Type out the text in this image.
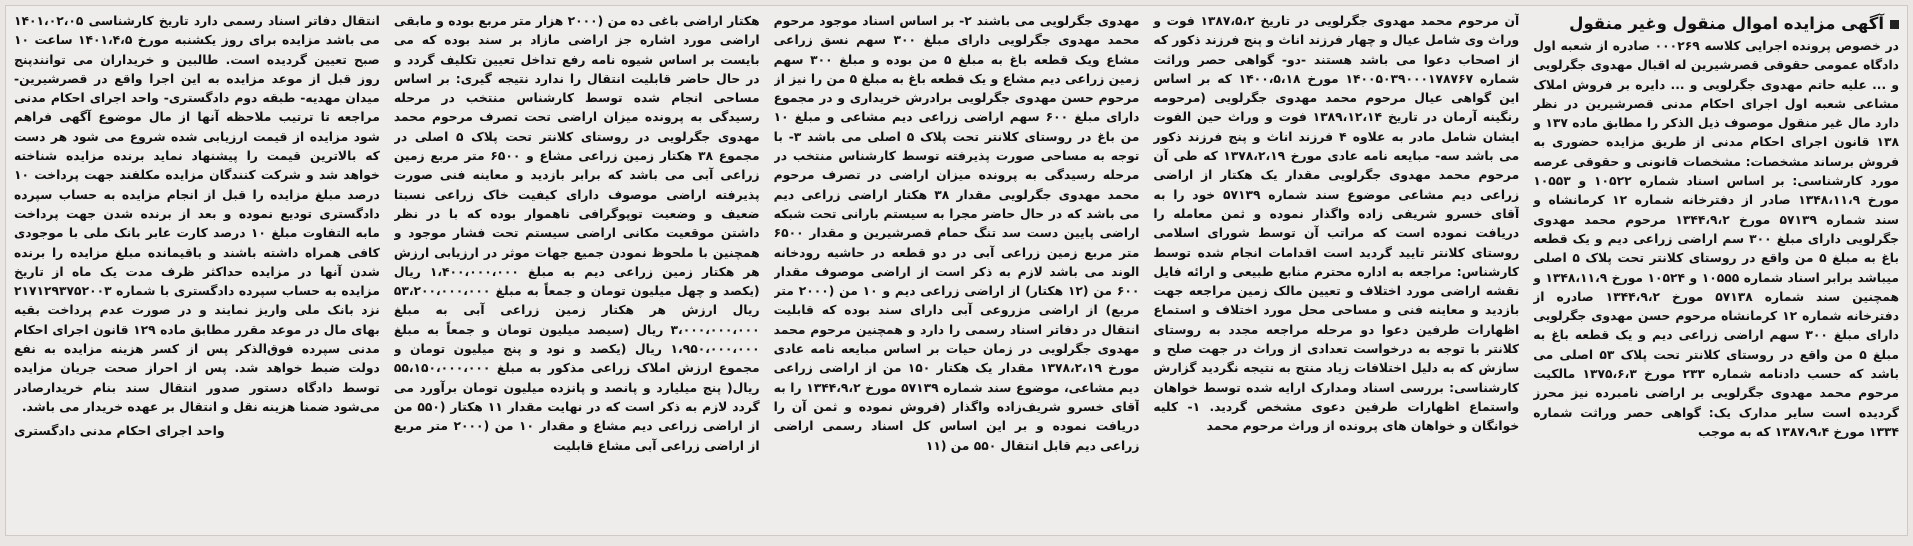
آگهی مزایده اموال منقول وغیر منقول

در خصوص پرونده اجرایی کلاسه ۰۰۰۲۶۹ صادره از شعبه اول دادگاه عمومی حقوقی قصرشیرین له اقبال مهدوی جگرلویی و ... علیه حاتم مهدوی جگرلویی و ... دایره بر فروش املاک مشاعی شعبه اول اجرای احکام مدنی قصرشیرین در نظر دارد مال غیر منقول موصوف ذیل الذکر را مطابق ماده ۱۳۷ و ۱۳۸ قانون اجرای احکام مدنی از طریق مزایده حضوری به فروش برساند مشخصات: مشخصات قانونی و حقوقی عرصه مورد کارشناسی: بر اساس اسناد شماره ۱۰۵۲۲ و ۱۰۵۵۳ مورخ ۱۳۴۸،۱۱،۹ صادر از دفترخانه شماره ۱۲ کرمانشاه و سند شماره ۵۷۱۳۹ مورخ ۱۳۴۴،۹،۲ مرحوم محمد مهدوی جگرلویی دارای مبلغ ۳۰۰ سم اراضی زراعی دیم و یک قطعه باغ به مبلغ ۵ من واقع در روستای کلانتر تحت پلاک ۵ اصلی میباشد برابر اسناد شماره ۱۰۵۵۵ و ۱۰۵۲۴ مورخ ۱۳۴۸،۱۱،۹ و همچنین سند شماره ۵۷۱۳۸ مورخ ۱۳۴۴،۹،۲ صادره از دفترخانه شماره ۱۲ کرمانشاه مرحوم حسن مهدوی جگرلویی دارای مبلغ ۳۰۰ سهم اراضی زراعی دیم و یک قطعه باغ به مبلغ ۵ من واقع در روستای کلانتر تحت پلاک ۵۳ اصلی می باشد که حسب دادنامه شماره ۲۳۳ مورخ ۱۳۷۵،۶،۳ مالکیت مرحوم محمد مهدوی جگرلویی بر اراضی نامبرده نیز محرز گردیده است سایر مدارک یک: گواهی حصر وراثت شماره ۱۳۳۴ مورخ ۱۳۸۷،۹،۴ که به موجب

آن مرحوم محمد مهدوی جگرلویی در تاریخ ۱۳۸۷،۵،۲ فوت و وراث وی شامل عیال و چهار فرزند اناث و پنج فرزند ذکور که از اصحاب دعوا می باشد هستند -دو- گواهی حصر وراثت شماره ۱۴۰۰۵۰۳۹۰۰۰۱۷۸۷۶۷ مورخ ۱۴۰۰،۵،۱۸ که بر اساس این گواهی عیال مرحوم محمد مهدوی جگرلویی (مرحومه رنگینه آرمان در تاریخ ۱۳۸۹،۱۲،۱۴ فوت و وراث حین الفوت ایشان شامل مادر به علاوه ۴ فرزند اناث و پنج فرزند ذکور می باشد سه- مبایعه نامه عادی مورخ ۱۳۷۸،۲،۱۹ که طی آن مرحوم محمد مهدوی جگرلویی مقدار یک هکتار از اراضی زراعی دیم مشاعی موضوع سند شماره ۵۷۱۳۹ خود را به آقای خسرو شریفی زاده واگذار نموده و ثمن معامله را دریافت نموده است که مراتب آن توسط شورای اسلامی روستای کلانتر تایید گردید است اقدامات انجام شده توسط کارشناس: مراجعه به اداره محترم منابع طبیعی و ارائه فایل نقشه اراضی مورد اختلاف و تعیین مالک زمین مراجعه جهت بازدید و معاینه فنی و مساحی محل مورد اختلاف و استماع اظهارات طرفین دعوا دو مرحله مراجعه مجدد به روستای کلانتر با توجه به درخواست تعدادی از وراث در جهت صلح و سازش که به دلیل اختلافات زیاد منتج به نتیجه نگردید گزارش کارشناسی: بررسی اسناد ومدارک ارایه شده توسط خواهان واستماع اظهارات طرفین دعوی مشخص گردید. ۱- کلیه خوانگان و خواهان های پرونده از وراث مرحوم محمد

مهدوی جگرلویی می باشند ۲- بر اساس اسناد موجود مرحوم محمد مهدوی جگرلویی دارای مبلغ ۳۰۰ سهم نسق زراعی مشاع ویک قطعه باغ به مبلغ ۵ من بوده و مبلغ ۳۰۰ سهم زمین زراعی دیم مشاع و یک قطعه باغ به مبلغ ۵ من را نیز از مرحوم حسن مهدوی جگرلویی برادرش خریداری و در مجموع دارای مبلغ ۶۰۰ سهم اراضی زراعی دیم مشاعی و مبلغ ۱۰ من باغ در روستای کلانتر تحت پلاک ۵ اصلی می باشد ۳- با توجه به مساحی صورت پذیرفته توسط کارشناس منتخب در مرحله رسیدگی به پرونده میزان اراضی در تصرف مرحوم محمد مهدوی جگرلویی مقدار ۳۸ هکتار اراضی زراعی دیم می باشد که در حال حاضر مجرا به سیستم بارانی تحت شبکه اراضی پایین دست سد تنگ حمام قصرشیرین و مقدار ۶۵۰۰ متر مربع زمین زراعی آبی در دو قطعه در حاشیه رودخانه الوند می باشد لازم به ذکر است از اراضی موصوف مقدار ۶۰۰ من (۱۲ هکتار) از اراضی زراعی دیم و ۱۰ من (۲۰۰۰ متر مربع) از اراضی مزروعی آبی دارای سند بوده که قابلیت انتقال در دفاتر اسناد رسمی را دارد و همچنین مرحوم محمد مهدوی جگرلویی در زمان حیات بر اساس مبایعه نامه عادی مورخ ۱۳۷۸،۲،۱۹ مقدار یک هکتار ۱۵۰ من از اراضی زراعی دیم مشاعی، موضوع سند شماره ۵۷۱۳۹ مورخ ۱۳۴۴،۹،۲ را به آقای خسرو شریف‌زاده واگذار (فروش نموده و ثمن آن را دریافت نموده و بر این اساس کل اسناد رسمی اراضی زراعی دیم قابل انتقال ۵۵۰ من (۱۱

هکتار اراضی باغی ده من (۲۰۰۰ هزار متر مربع بوده و مابقی اراضی مورد اشاره جز اراضی مازاد بر سند بوده که می بایست بر اساس شیوه نامه رفع تداخل تعیین تکلیف گردد و در حال حاضر قابلیت انتقال را ندارد نتیجه گیری: بر اساس مساحی انجام شده توسط کارشناس منتخب در مرحله رسیدگی به پرونده میزان اراضی تحت تصرف مرحوم محمد مهدوی جگرلویی در روستای کلانتر تحت پلاک ۵ اصلی در مجموع ۳۸ هکتار زمین زراعی مشاع و ۶۵۰۰ متر مربع زمین زراعی آبی می باشد که برابر بازدید و معاینه فنی صورت پذیرفته اراضی موصوف دارای کیفیت خاک زراعی نسبتا ضعیف و وضعیت توپوگرافی ناهموار بوده که با در نظر داشتن موقعیت مکانی اراضی سیستم تحت فشار موجود و همچنین با ملحوظ نمودن جمیع جهات موثر در ارزیابی ارزش هر هکتار زمین زراعی دیم به مبلغ ۱،۴۰۰،۰۰۰،۰۰۰ ریال (یکصد و چهل میلیون تومان و جمعاً به مبلغ ۵۳،۲۰۰،۰۰۰،۰۰۰ ریال ارزش هر هکتار زمین زراعی آبی به مبلغ ۳،۰۰۰،۰۰۰،۰۰۰ ریال (سیصد میلیون تومان و جمعاً به مبلغ ۱،۹۵۰،۰۰۰،۰۰۰ ریال (یکصد و نود و پنج میلیون تومان و مجموع ارزش املاک زراعی مذکور به مبلغ ۵۵،۱۵۰،۰۰۰،۰۰۰ ریال( پنج میلیارد و پانصد و پانزده میلیون تومان برآورد می گردد لازم به ذکر است که در نهایت مقدار ۱۱ هکتار (۵۵۰ من از اراضی زراعی دیم مشاع و مقدار ۱۰ من (۲۰۰۰ متر مربع از اراضی زراعی آبی مشاع قابلیت

انتقال دفاتر اسناد رسمی دارد تاریخ کارشناسی ۱۴۰۱،۰۲،۰۵ می باشد مزایده برای روز یکشنبه مورخ ۱۴۰۱،۴،۵ ساعت ۱۰ صبح تعیین گردیده است. طالبین و خریداران می توانندپنج روز قبل از موعد مزایده به این اجرا واقع در قصرشیرین- میدان مهدیه- طبقه دوم دادگستری- واحد اجرای احکام مدنی مراجعه تا ترتیب ملاحظه آنها از مال موضوع آگهی فراهم شود مزایده از قیمت ارزیابی شده شروع می شود هر دست که بالاترین قیمت را پیشنهاد نماید برنده مزایده شناخته خواهد شد و شرکت کنندگان مزایده مکلفند جهت پرداخت ۱۰ درصد مبلغ مزایده را قبل از انجام مزایده به حساب سپرده دادگستری تودیع نموده و بعد از برنده شدن جهت پرداخت مابه التفاوت مبلغ ۱۰ درصد کارت عابر بانک ملی با موجودی کافی همراه داشته باشند و باقیمانده مبلغ مزایده را برنده شدن آنها در مزایده حداکثر ظرف مدت یک ماه از تاریخ مزایده به حساب سپرده دادگستری با شماره ۲۱۷۱۲۹۳۷۵۲۰۰۳ نزد بانک ملی واریز نمایند و در صورت عدم پرداخت بقیه بهای مال در موعد مقرر مطابق ماده ۱۲۹ قانون اجرای احکام مدنی سپرده فوق‌الذکر پس از کسر هزینه مزایده به نفع دولت ضبط خواهد شد. پس از احراز صحت جریان مزایده توسط دادگاه دستور صدور انتقال سند بنام خریدارصادر می‌شود ضمنا هزینه نقل و انتقال بر عهده خریدار می باشد.

واحد اجرای احکام مدنی دادگستری
